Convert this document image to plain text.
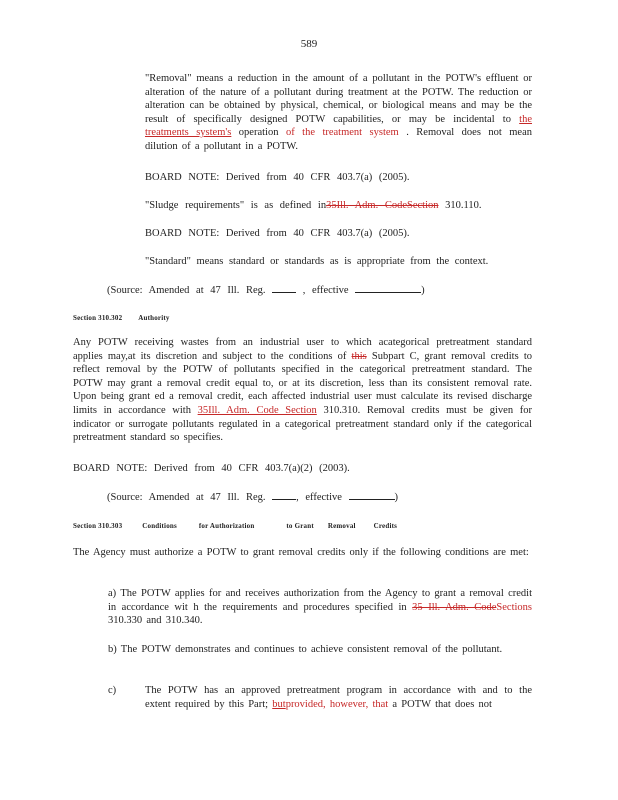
589
"Removal" means a reduction in the amount of a pollutant in the POTW's effluent or alteration of the nature of a pollutant during treatment at the POTW. The reduction or alteration can be obtained by physical, chemical, or biological means and may be the result of specifically designed POTW capabilities, or may be incidental to the treatments system's operation of the treatment system . Removal does not mean dilution of a pollutant in a POTW.
BOARD NOTE: Derived from 40 CFR 403.7(a) (2005).
"Sludge requirements" is as defined in35Ill. Adm. CodeSection 310.110.
BOARD NOTE: Derived from 40 CFR 403.7(a) (2005).
"Standard" means standard or standards as is appropriate from the context.
(Source: Amended at 47 Ill. Reg.	, effective	)
Section 310.302 Authority
Any POTW receiving wastes from an industrial user to which acategorical pretreatment standard applies may,at its discretion and subject to the conditions of this Subpart C, grant removal credits to reflect removal by the POTW of pollutants specified in the categorical pretreatment standard. The POTW may grant a removal credit equal to, or at its discretion, less than its consistent removal rate. Upon being grant ed a removal credit, each affected industrial user must calculate its revised discharge limits in accordance with 35Ill. Adm. Code Section 310.310. Removal credits must be given for indicator or surrogate pollutants regulated in a categorical pretreatment standard only if the categorical pretreatment standard so specifies.
BOARD NOTE: Derived from 40 CFR 403.7(a)(2) (2003).
(Source: Amended at 47 Ill. Reg.	, effective	)
Section 310.303	Conditions	for Authorization	to Grant Removal	Credits
The Agency must authorize a POTW to grant removal credits only if the following conditions are met:
a) The POTW applies for and receives authorization from the Agency to grant a removal credit in accordance wit h the requirements and procedures specified in 35 Ill. Adm. CodeSections 310.330 and 310.340.
b) The POTW demonstrates and continues to achieve consistent removal of the pollutant.
c)	The POTW has an approved pretreatment program in accordance with and to the extent required by this Part; butprovided, however, that a POTW that does not
